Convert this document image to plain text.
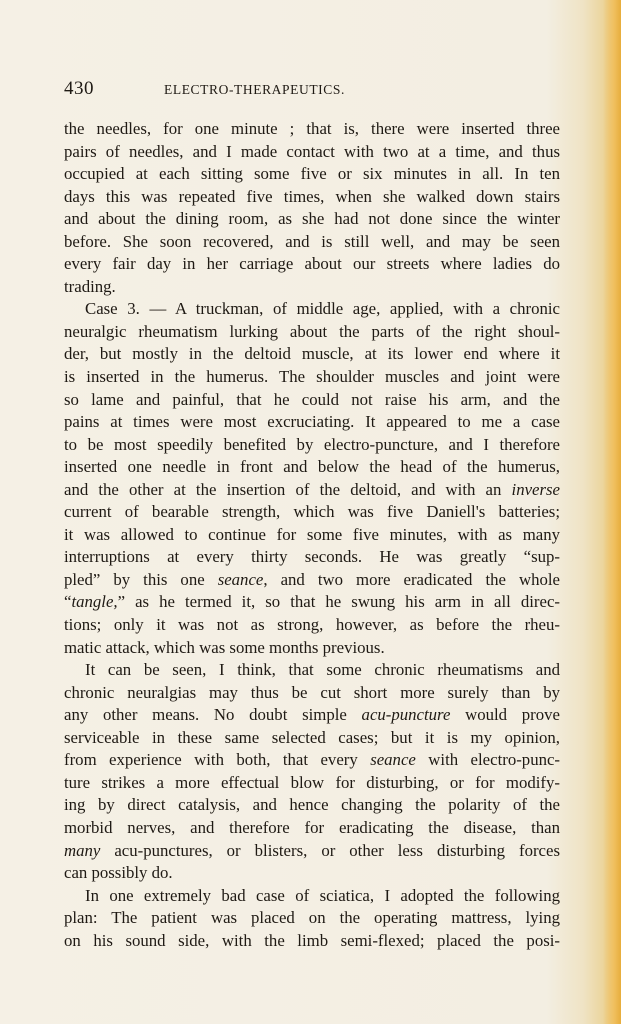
430	ELECTRO-THERAPEUTICS.
the needles, for one minute ; that is, there were inserted three
pairs of needles, and I made contact with two at a time, and thus
occupied at each sitting some five or six minutes in all. In ten
days this was repeated five times, when she walked down stairs
and about the dining room, as she had not done since the winter
before. She soon recovered, and is still well, and may be seen
every fair day in her carriage about our streets where ladies do
trading.
Case 3. — A truckman, of middle age, applied, with a chronic
neuralgic rheumatism lurking about the parts of the right shoul-
der, but mostly in the deltoid muscle, at its lower end where it
is inserted in the humerus. The shoulder muscles and joint were
so lame and painful, that he could not raise his arm, and the
pains at times were most excruciating. It appeared to me a case
to be most speedily benefited by electro-puncture, and I therefore
inserted one needle in front and below the head of the humerus,
and the other at the insertion of the deltoid, and with an inverse
current of bearable strength, which was five Daniell's batteries;
it was allowed to continue for some five minutes, with as many
interruptions at every thirty seconds. He was greatly “sup-
pled” by this one seance, and two more eradicated the whole
“tangle,” as he termed it, so that he swung his arm in all direc-
tions; only it was not as strong, however, as before the rheu-
matic attack, which was some months previous.
It can be seen, I think, that some chronic rheumatisms and
chronic neuralgias may thus be cut short more surely than by
any other means. No doubt simple acu-puncture would prove
serviceable in these same selected cases; but it is my opinion,
from experience with both, that every seance with electro-punc-
ture strikes a more effectual blow for disturbing, or for modify-
ing by direct catalysis, and hence changing the polarity of the
morbid nerves, and therefore for eradicating the disease, than
many acu-punctures, or blisters, or other less disturbing forces
can possibly do.
In one extremely bad case of sciatica, I adopted the following
plan: The patient was placed on the operating mattress, lying
on his sound side, with the limb semi-flexed; placed the posi-
